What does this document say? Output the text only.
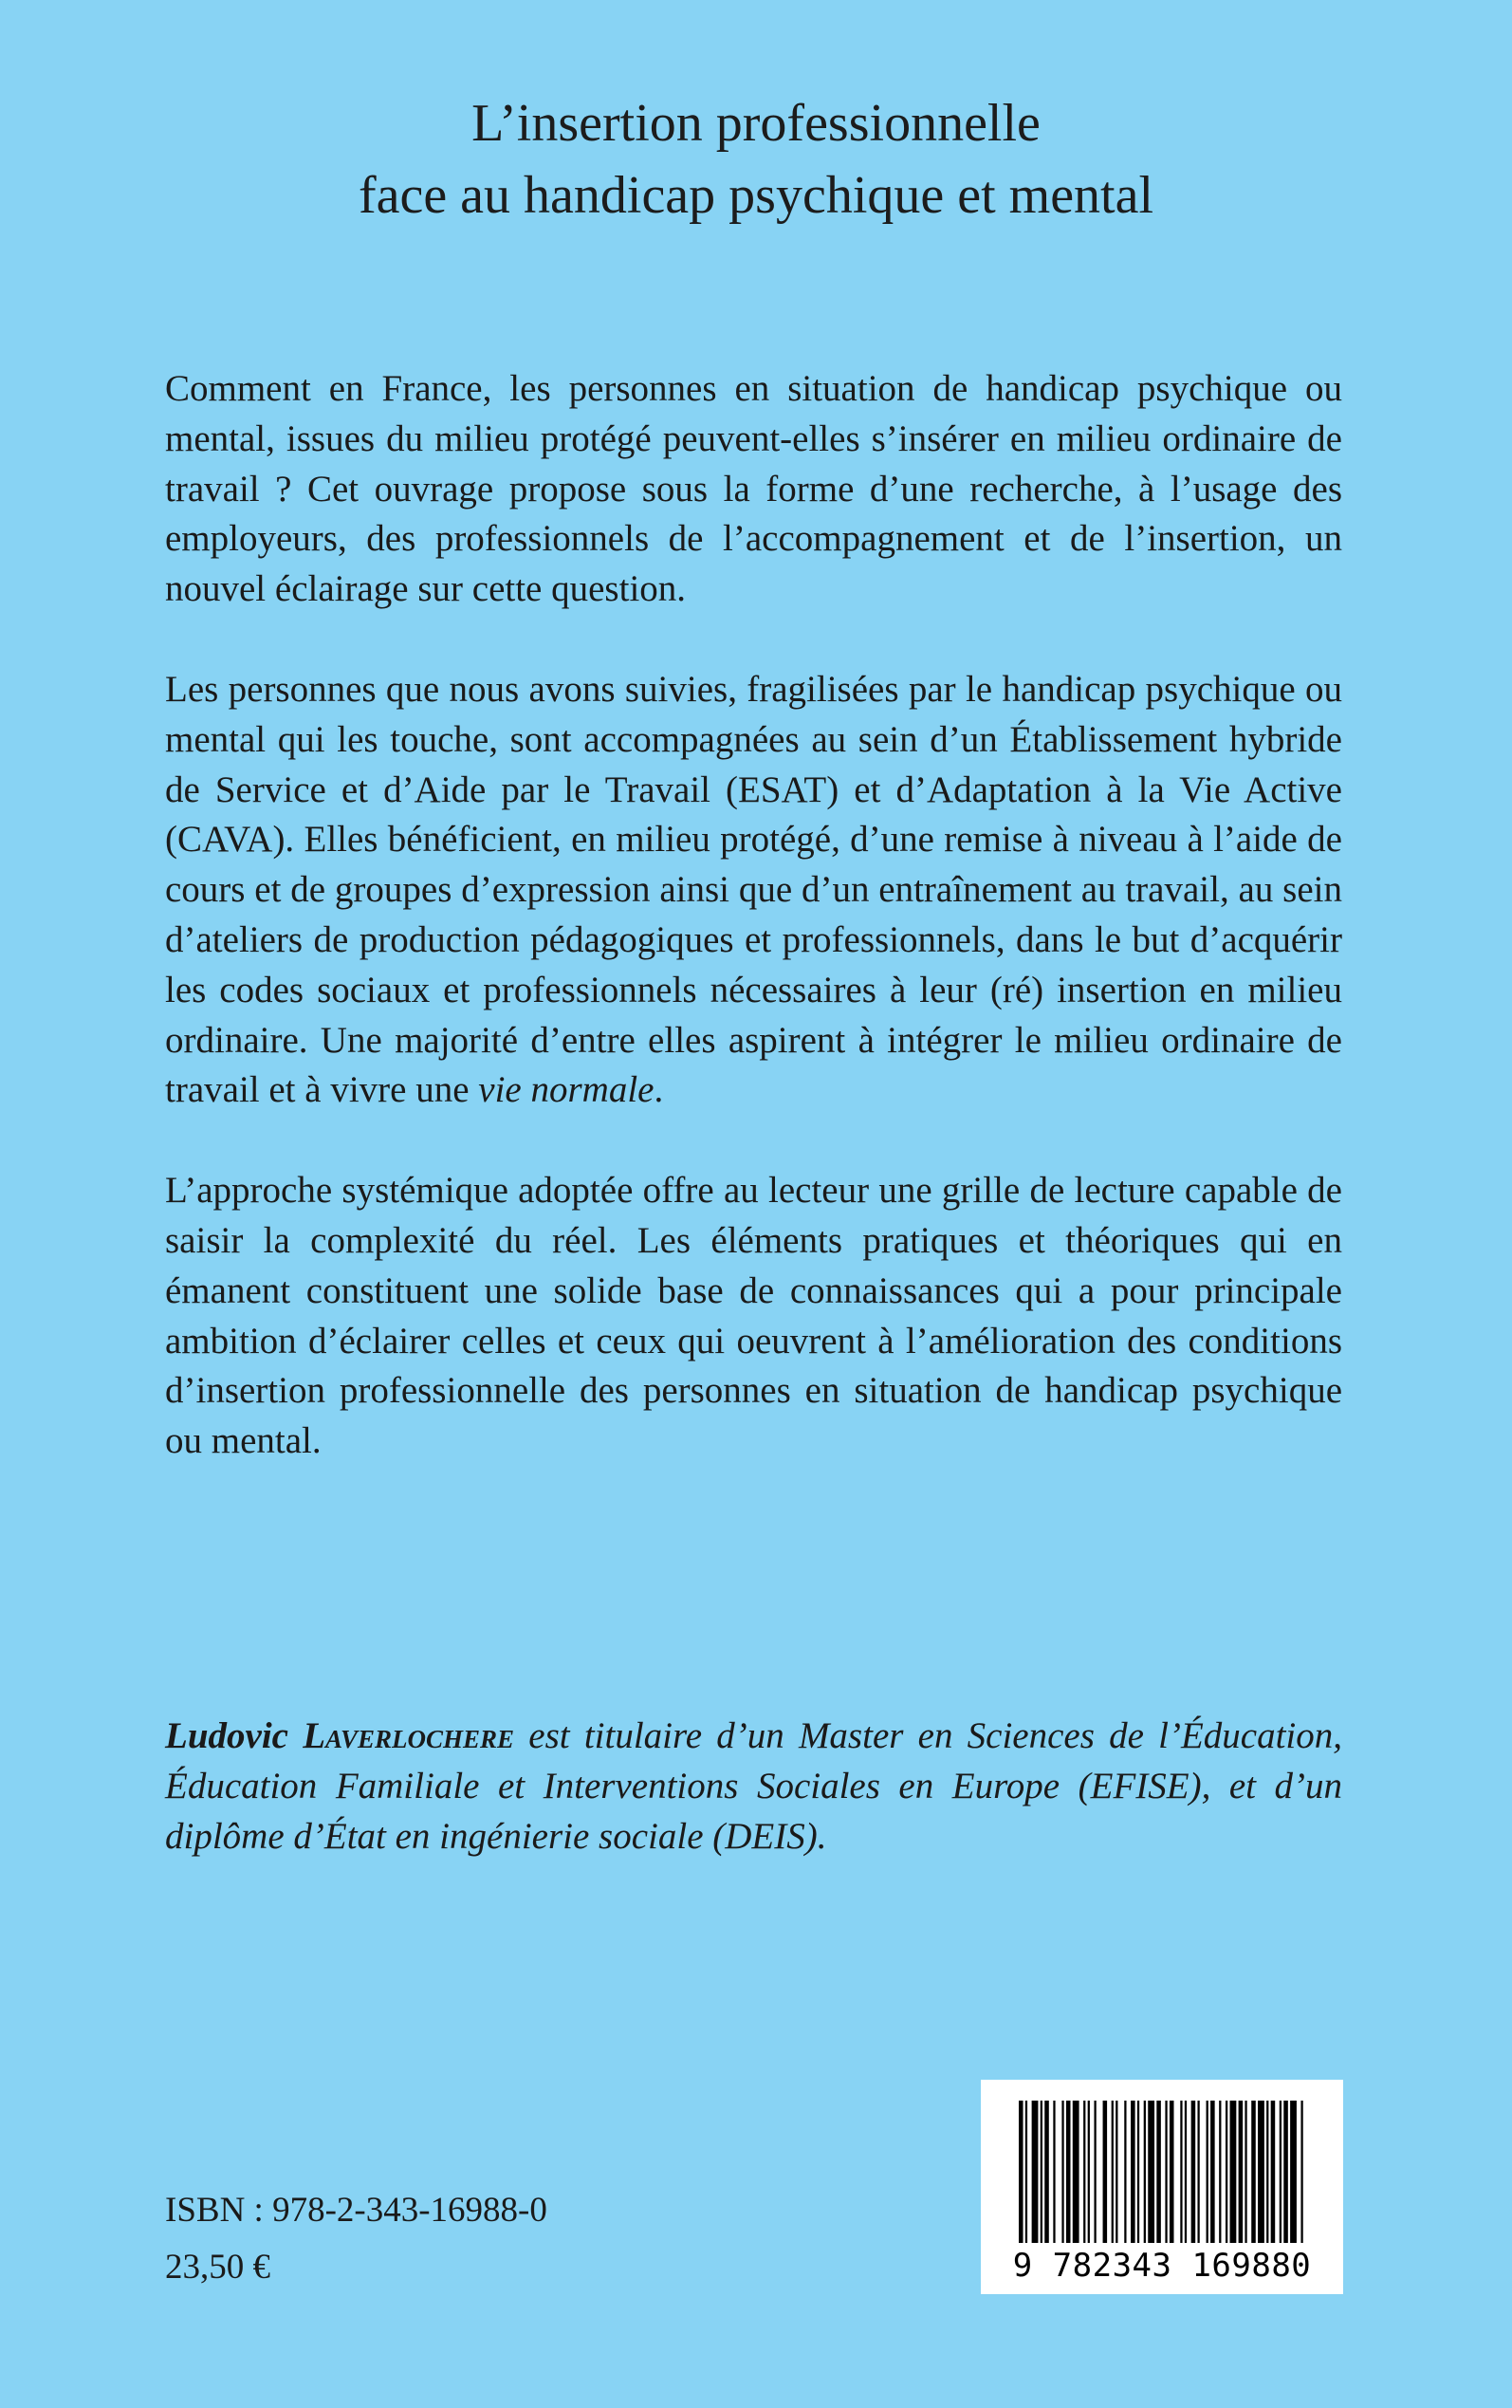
L’insertion professionnelle
face au handicap psychique et mental

Comment en France, les personnes en situation de handicap psychique ou mental, issues du milieu protégé peuvent-elles s’insérer en milieu ordinaire de travail ? Cet ouvrage propose sous la forme d’une recherche, à l’usage des employeurs, des professionnels de l’accompagnement et de l’insertion, un nouvel éclairage sur cette question.

Les personnes que nous avons suivies, fragilisées par le handicap psychique ou mental qui les touche, sont accompagnées au sein d’un Établissement hybride de Service et d’Aide par le Travail (ESAT) et d’Adaptation à la Vie Active (CAVA). Elles bénéficient, en milieu protégé, d’une remise à niveau à l’aide de cours et de groupes d’expression ainsi que d’un entraînement au travail, au sein d’ateliers de production pédagogiques et professionnels, dans le but d’acquérir les codes sociaux et professionnels nécessaires à leur (ré) insertion en milieu ordinaire. Une majorité d’entre elles aspirent à intégrer le milieu ordinaire de travail et à vivre une vie normale.

L’approche systémique adoptée offre au lecteur une grille de lecture capable de saisir la complexité du réel. Les éléments pratiques et théoriques qui en émanent constituent une solide base de connaissances qui a pour principale ambition d’éclairer celles et ceux qui oeuvrent à l’amélioration des conditions d’insertion professionnelle des personnes en situation de handicap psychique ou mental.

Ludovic Laverlochere est titulaire d’un Master en Sciences de l’Éducation, Éducation Familiale et Interventions Sociales en Europe (EFISE), et d’un diplôme d’État en ingénierie sociale (DEIS).

ISBN : 978-2-343-16988-0
23,50 €	9 782343 169880
